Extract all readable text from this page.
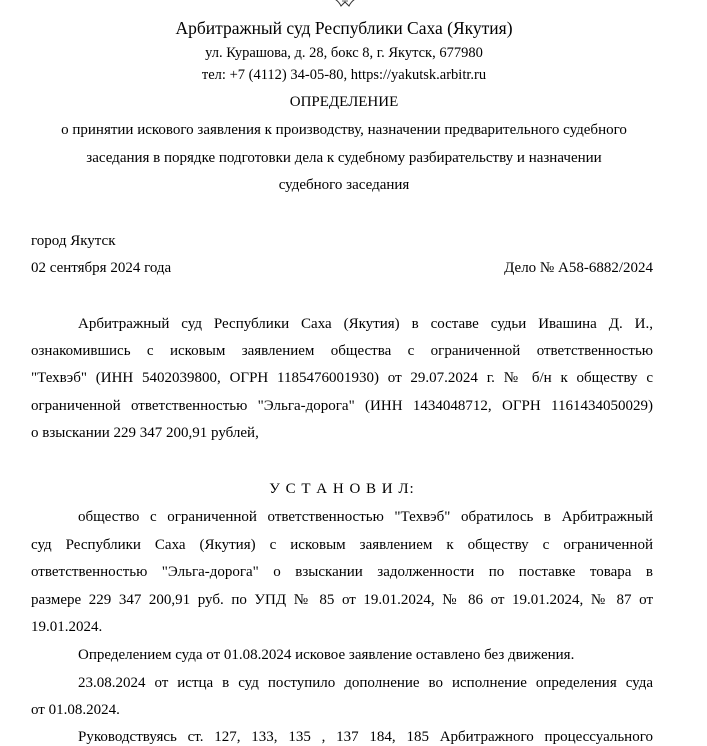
Арбитражный суд Республики Саха (Якутия)
ул. Курашова, д. 28, бокс 8, г. Якутск, 677980
тел: +7 (4112) 34-05-80, https://yakutsk.arbitr.ru
ОПРЕДЕЛЕНИЕ
о принятии искового заявления к производству, назначении предварительного судебного
заседания в порядке подготовки дела к судебному разбирательству и назначении
судебного заседания
город Якутск
02 сентября 2024 года	Дело № А58-6882/2024
Арбитражный суд Республики Саха (Якутия) в составе судьи Ивашина Д. И.,
ознакомившись с исковым заявлением общества с ограниченной ответственностью
"Техвэб" (ИНН 5402039800, ОГРН 1185476001930) от 29.07.2024 г. № б/н к обществу с
ограниченной ответственностью "Эльга-дорога" (ИНН 1434048712, ОГРН 1161434050029)
о взыскании 229 347 200,91 рублей,
У С Т А Н О В И Л:
общество с ограниченной ответственностью "Техвэб" обратилось в Арбитражный
суд Республики Саха (Якутия) с исковым заявлением к обществу с ограниченной
ответственностью "Эльга-дорога" о взыскании задолженности по поставке товара в
размере 229 347 200,91 руб. по УПД № 85 от 19.01.2024, № 86 от 19.01.2024, № 87 от
19.01.2024.
Определением суда от 01.08.2024 исковое заявление оставлено без движения.
23.08.2024 от истца в суд поступило дополнение во исполнение определения суда
от 01.08.2024.
Руководствуясь ст. 127, 133, 135 , 137 184, 185 Арбитражного процессуального
